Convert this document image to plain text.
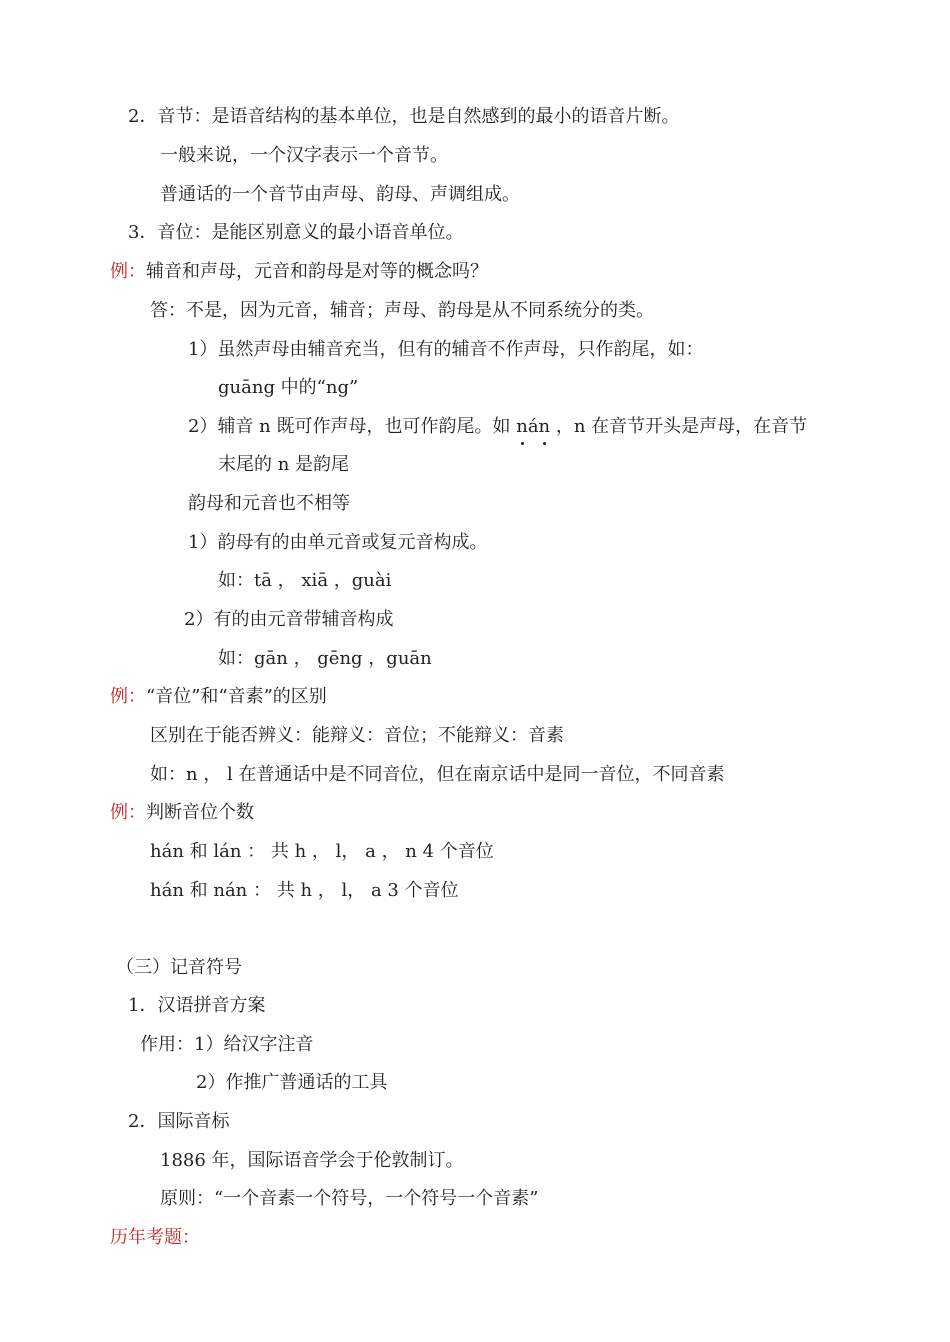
2．音节：是语音结构的基本单位，也是自然感到的最小的语音片断。
一般来说，一个汉字表示一个音节。
普通话的一个音节由声母、韵母、声调组成。
3．音位：是能区别意义的最小语音单位。
例：辅音和声母，元音和韵母是对等的概念吗？
答：不是，因为元音，辅音；声母、韵母是从不同系统分的类。
1）虽然声母由辅音充当，但有的辅音不作声母，只作韵尾，如：
guāng 中的“ng”
2）辅音 n 既可作声母，也可作韵尾。如 nán ，n 在音节开头是声母，在音节
末尾的 n 是韵尾
韵母和元音也不相等
1）韵母有的由单元音或复元音构成。
如：tā ， xiā ，guài
2）有的由元音带辅音构成
如：gān ， gēng ，guān
例：“音位”和“音素”的区别
区别在于能否辨义：能辩义：音位；不能辩义：音素
如：n ， l 在普通话中是不同音位，但在南京话中是同一音位，不同音素
例：判断音位个数
hán 和 lán ： 共 h ， l， a ， n 4 个音位
hán 和 nán ： 共 h ， l， a 3 个音位
（三）记音符号
1．汉语拼音方案
作用：1）给汉字注音
2）作推广普通话的工具
2．国际音标
1886 年，国际语音学会于伦敦制订。
原则：“一个音素一个符号，一个符号一个音素”
历年考题：
